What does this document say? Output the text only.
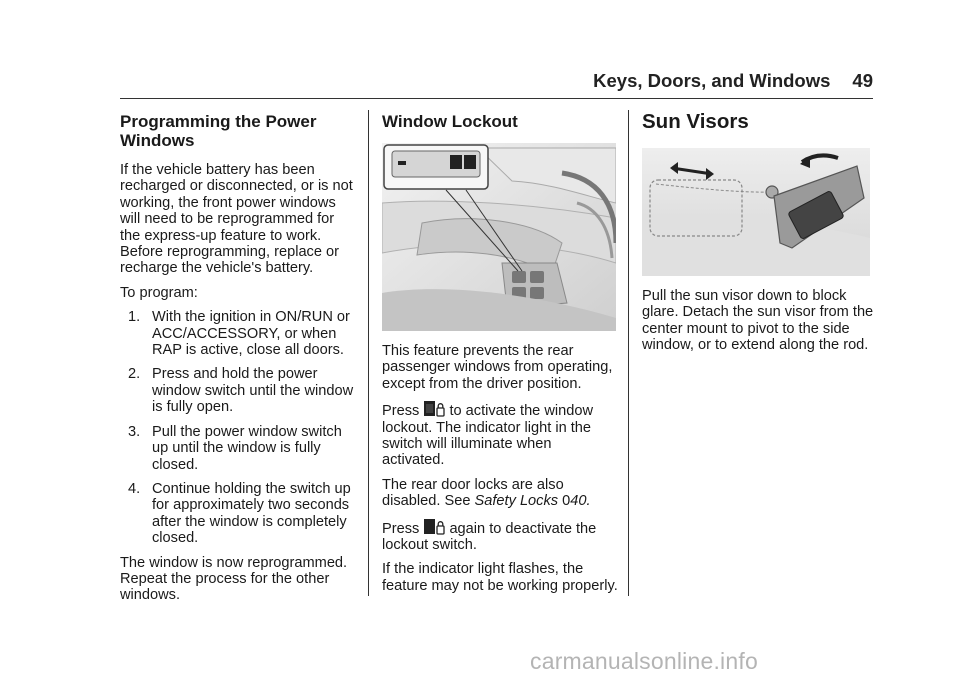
Keys, Doors, and Windows 49
Programming the Power Windows

If the vehicle battery has been recharged or disconnected, or is not working, the front power windows will need to be reprogrammed for the express-up feature to work. Before reprogramming, replace or recharge the vehicle's battery.

To program:

1. With the ignition in ON/RUN or ACC/ACCESSORY, or when RAP is active, close all doors.
2. Press and hold the power window switch until the window is fully open.
3. Pull the power window switch up until the window is fully closed.
4. Continue holding the switch up for approximately two seconds after the window is completely closed.

The window is now reprogrammed. Repeat the process for the other windows.

Window Lockout

This feature prevents the rear passenger windows from operating, except from the driver position.

Press to activate the window lockout. The indicator light in the switch will illuminate when activated.

The rear door locks are also disabled. See Safety Locks 040.

Press again to deactivate the lockout switch.

If the indicator light flashes, the feature may not be working properly.

Sun Visors

Pull the sun visor down to block glare. Detach the sun visor from the center mount to pivot to the side window, or to extend along the rod.

carmanualsonline.info
